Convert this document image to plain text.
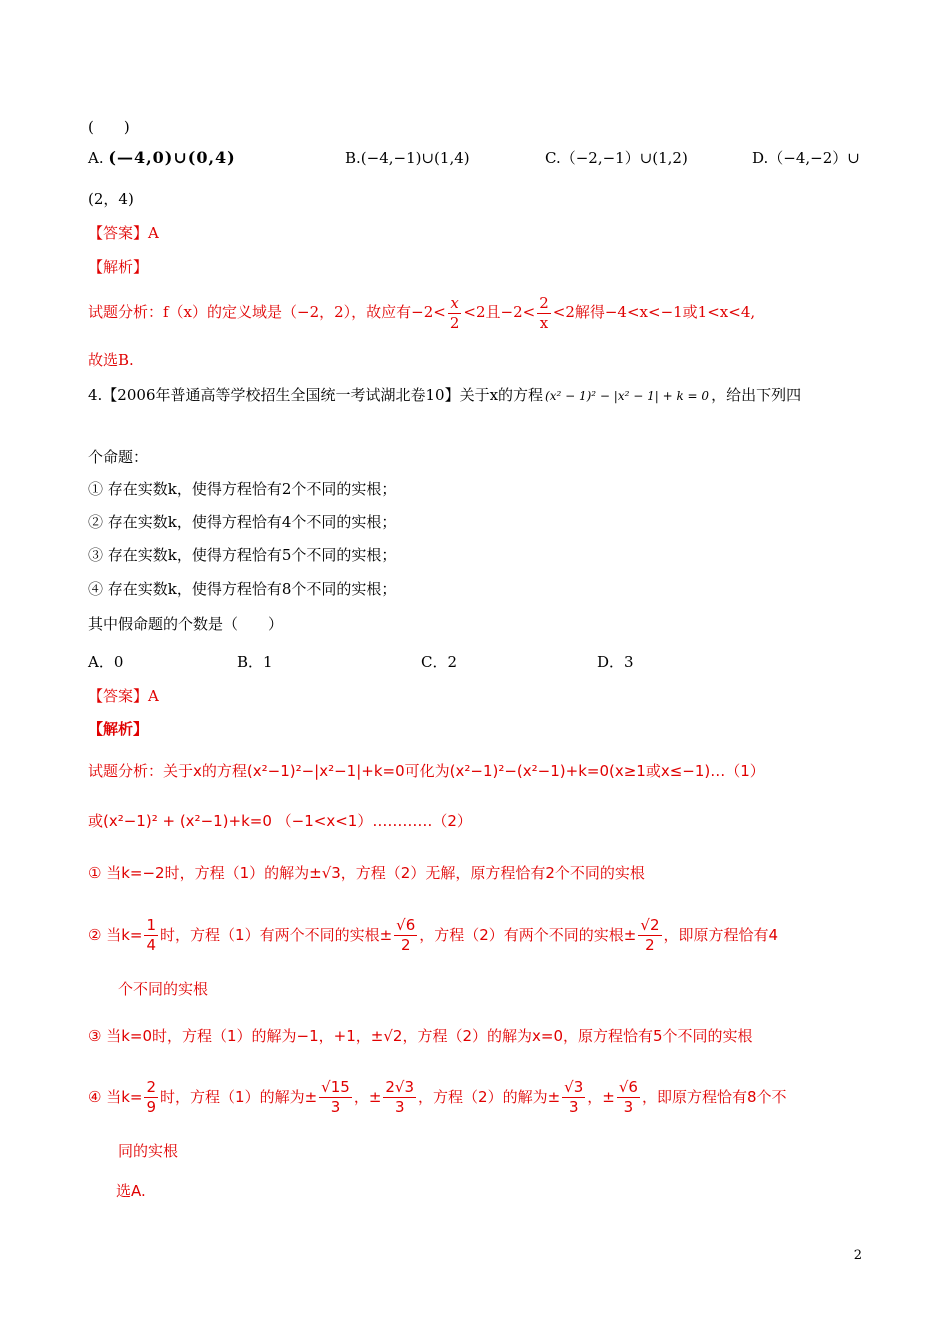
(　　)
A. (—4,0)∪(0,4)	B.(−4,−1)∪(1,4)	C.（−2,−1）∪(1,2)	D.（−4,−2）∪
(2，4)
【答案】A
【解析】
试题分析：f（x）的定义域是（−2，2），故应有$-2< \frac{x}{2} <2$且$-2< \frac{2}{x} <2$解得−4<x<−1或1<x<4,
故选B.
4.【2006年普通高等学校招生全国统一考试湖北卷10】关于x的方程 (x² − 1)² − |x² − 1| + k = 0 ，给出下列四
个命题：
① 存在实数k，使得方程恰有2个不同的实根；
② 存在实数k，使得方程恰有4个不同的实根；
③ 存在实数k，使得方程恰有5个不同的实根；
④ 存在实数k，使得方程恰有8个不同的实根；
其中假命题的个数是（　　）
A．0	B．1	C．2	D．3
【答案】A
【解析】
试题分析：关于x的方程(x²−1)²−|x²−1|+k=0可化为(x²−1)²−(x²−1)+k=0(x≥1或x≤−1)…（1）
或(x²−1)² + (x²−1)+k=0 （−1<x<1）…………（2）
① 当k=−2时，方程（1）的解为±√3，方程（2）无解，原方程恰有2个不同的实根
② 当$k= \frac{1}{4}$ 时，方程（1）有两个不同的实根± $\frac{√6}{2}$ ，方程（2）有两个不同的实根± $\frac{√2}{2}$ ，即原方程恰有4
个不同的实根
③ 当k=0时，方程（1）的解为−1，+1，±√2，方程（2）的解为x=0，原方程恰有5个不同的实根
④ 当$k= \frac{2}{9}$ 时，方程（1）的解为± $\frac{√15}{3}$ ，± $\frac{2√3}{3}$ ，方程（2）的解为± $\frac{√3}{3}$ ，± $\frac{√6}{3}$ ，即原方程恰有8个不
同的实根
选A.
2
